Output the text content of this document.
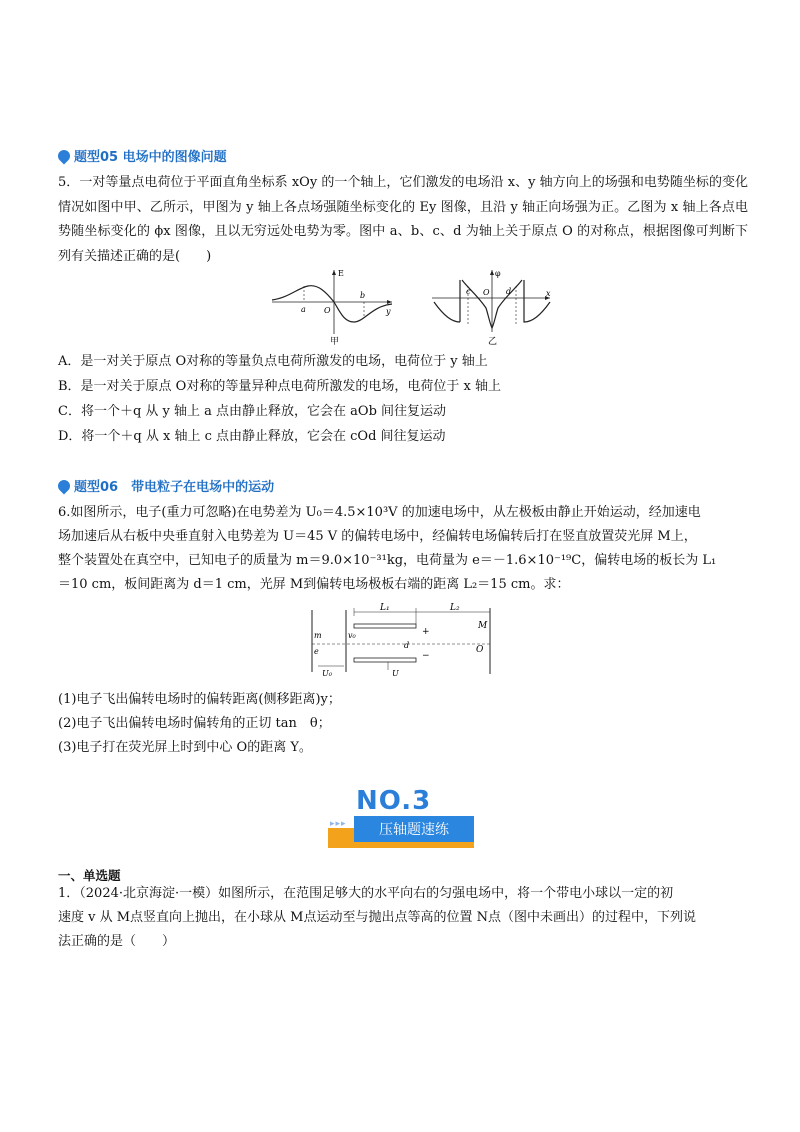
题型05 电场中的图像问题
5．一对等量点电荷位于平面直角坐标系 xOy 的一个轴上，它们激发的电场沿 x、y 轴方向上的场强和电势随坐标的变化情况如图中甲、乙所示，甲图为 y 轴上各点场强随坐标变化的 Ey 图像，且沿 y 轴正向场强为正。乙图为 x 轴上各点电势随坐标变化的 ϕx 图像，且以无穷远处电势为零。图中 a、b、c、d 为轴上关于原点 O 的对称点，根据图像可判断下列有关描述正确的是(　　)
E
y
a
b
O
甲
φ
x
c	d
O
乙
A．是一对关于原点 O对称的等量负点电荷所激发的电场，电荷位于 y 轴上
B．是一对关于原点 O对称的等量异种点电荷所激发的电场，电荷位于 x 轴上
C．将一个＋q 从 y 轴上 a 点由静止释放，它会在 aOb 间往复运动
D．将一个＋q 从 x 轴上 c 点由静止释放，它会在 cOd 间往复运动
题型06　带电粒子在电场中的运动
6.如图所示，电子(重力可忽略)在电势差为 U₀＝4.5×10³V 的加速电场中，从左极板由静止开始运动，经加速电
场加速后从右板中央垂直射入电势差为 U＝45 V 的偏转电场中，经偏转电场偏转后打在竖直放置荧光屏 M上，
整个装置处在真空中，已知电子的质量为 m＝9.0×10⁻³¹kg，电荷量为 e＝－1.6×10⁻¹⁹C，偏转电场的板长为 L₁
＝10 cm，板间距离为 d＝1 cm，光屏 M到偏转电场极板右端的距离 L₂＝15 cm。求：
L₁	L₂
M
O
m
e
v₀
d
+
−
U₀	U
(1)电子飞出偏转电场时的偏转距离(侧移距离)y；
(2)电子飞出偏转电场时偏转角的正切 tan　θ；
(3)电子打在荧光屏上时到中心 O的距离 Y。
NO.3
压轴题速练
▸▸▸
一、单选题
1．（2024·北京海淀·一模）如图所示，在范围足够大的水平向右的匀强电场中，将一个带电小球以一定的初
速度 v 从 M点竖直向上抛出，在小球从 M点运动至与抛出点等高的位置 N点（图中未画出）的过程中，下列说
法正确的是（　　）
